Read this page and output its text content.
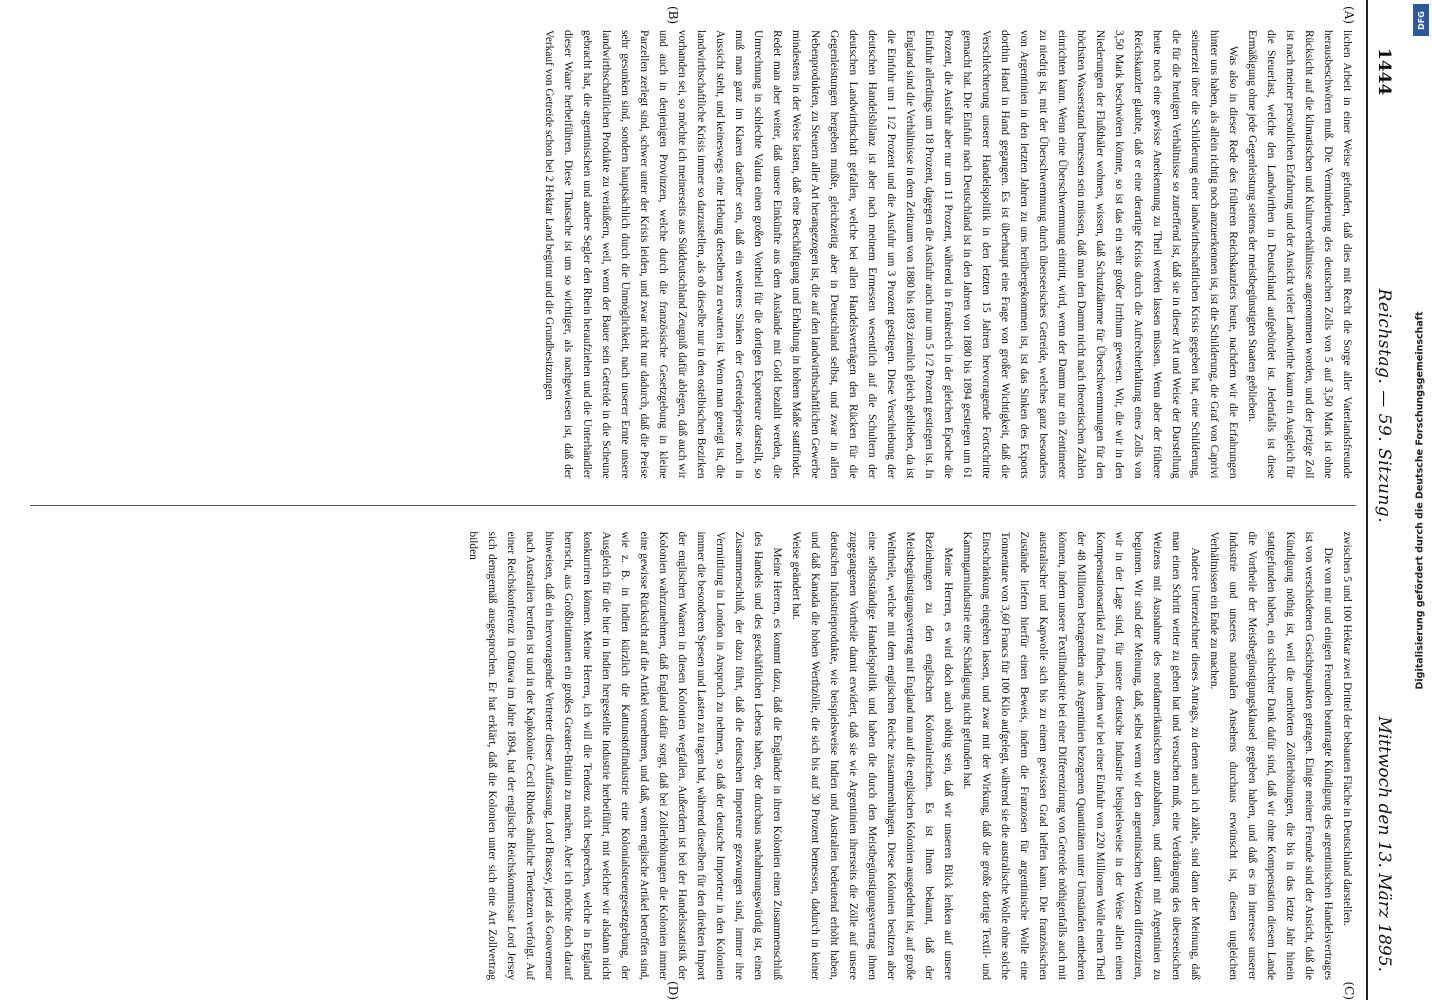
1444
Reichstag. — 59. Sitzung.
Mittwoch den 13. März 1895.

lichen Arbeit in einer Weise gefunden, daß dies mit Recht die Sorge aller Vaterlandsfreunde herausbeschwören muß. Die Verminderung des deutschen Zolls von 5 auf 3,50 Mark ist ohne Rücksicht auf die klimatischen und Kulturverhältnisse angenommen worden, und der jetzige Zoll ist nach meiner persönlichen Erfahrung und der Ansicht vieler Landwirthe kaum ein Ausgleich für die Steuerlast, welche den Landwirthen in Deutschland aufgebürdet ist. Jedenfalls ist diese Ermäßigung ohne jede Gegenleistung seitens der meistbegünstigten Staaten geblieben.

Was also in dieser Rede des früheren Reichskanzlers heute, nachdem wir die Erfahrungen hinter uns haben, als allein richtig noch anzuerkennen ist, ist die Schilderung, die Graf von Caprivi seinerzeit über die Schilderung einer landwirthschaftlichen Krisis gegeben hat, eine Schilderung, die für die heutigen Verhältnisse so zutreffend ist, daß sie in dieser Art und Weise der Darstellung heute noch eine gewisse Anerkennung zu Theil werden lassen müssen. Wenn aber der frühere Reichskanzler glaubte, daß er eine derartige Krisis durch die Aufrechterhaltung eines Zolls von 3,50 Mark beschwören könnte, so ist das ein sehr großer Irrthum gewesen. Wir, die wir in den Niederungen der Flußthäler wohnen, wissen, daß Schutzdämme für Überschwemmungen für den höchsten Wasserstand bemessen sein müssen, daß man den Damm nicht nach theoretischen Zahlen einrichten kann. Wenn eine Überschwemmung eintritt, wird, wenn der Damm nur ein Zentimeter zu niedrig ist, mit der Überschwemmung durch überseeisches Getreide, welches ganz besonders von Argentinien in den letzten Jahren zu uns herübergekommen ist, ist das Sinken des Exports dorthin Hand in Hand gegangen. Es ist überhaupt eine Frage von großer Wichtigkeit, daß die Verschlechterung unserer Handelspolitik in den letzten 15 Jahren hervorragende Fortschritte gemacht hat. Die Einfuhr nach Deutschland ist in den Jahren von 1880 bis 1894 gestiegen um 61 Prozent, die Ausfuhr aber nur um 11 Prozent, während in Frankreich in der gleichen Epoche die Einfuhr allerdings um 18 Prozent, dagegen die Ausfuhr auch nur um 5 1/2 Prozent gestiegen ist. In England sind die Verhältnisse in dem Zeitraum von 1880 bis 1893 ziemlich gleich geblieben, da ist die Einfuhr um 1 1/2 Prozent und die Ausfuhr um 3 Prozent gestiegen. Diese Verschiebung der deutschen Handelsbilanz ist aber nach meinem Ermessen wesentlich auf die Schultern der deutschen Landwirthschaft gefallen, welche bei allen Handelsverträgen den Rücken für die Gegenleistungen hergeben mußte, gleichzeitig aber in Deutschland selbst, und zwar in allen Nebenprodukten, zu Steuern aller Art herangezogen ist, die auf den landwirthschaftlichen Gewerbe mindestens in der Weise lasten, daß eine Beschäftigung und Erhaltung in hohem Maße stattfindet. Redet man aber weiter, daß unsere Einkünfte aus dem Auslande mit Gold bezahlt werden, die Umrechnung in schlechte Valuta einen großen Vortheil für die dortigen Exporteure darstellt, so muß man ganz im Klaren darüber sein, daß ein weiteres Sinken der Getreidepreise noch in Aussicht steht, und keineswegs eine Hebung derselben zu erwarten ist. Wenn man geneigt ist, die landwirthschaftliche Krisis immer so darzustellen, als ob dieselbe nur in den ostelbischen Bezirken vorhanden sei, so möchte ich meinerseits aus Süddeutschland Zeugniß dafür ablegen, daß auch wir und auch in denjenigen Provinzen, welche durch die französische Gesetzgebung in kleine Parzellen zerlegt sind, schwer unter der Krisis leiden, und zwar nicht nur dadurch, daß die Preise sehr gesunken sind, sondern hauptsächlich durch die Unmöglichkeit, nach unserer Ernte unsere landwirthschaftlichen Produkte zu veräußern, weil, wenn der Bauer sein Getreide in die Scheune gebracht hat, die argentinischen und andere Segler den Rhein heraufziehen und die Unterhändler dieser Waare herbeiführen. Diese Thatsache ist um so wichtiger, als nachgewiesen ist, daß der Verkauf von Getreide schon bei 2 Hektar Land beginnt und die Grundbesitzungen

zwischen 5 und 100 Hektar zwei Drittel der bebauten Fläche in Deutschland darstellen.

Die von mir und einigen Freunden beantragte Kündigung des argentinischen Handelsvertrages ist von verschiedenen Gesichtspunkten getragen. Einige meiner Freunde sind der Ansicht, daß die Kündigung nöthig ist, weil die unerhörten Zollerhöhungen, die bis in das letzte Jahr hinein stattgefunden haben, ein schlechter Dank dafür sind, daß wir ohne Kompensation diesem Lande die Vortheile der Meistbegünstigungsklausel gegeben haben, und daß es im Interesse unserer Industrie und unseres nationalen Ansehens durchaus erwünscht ist, diesen ungleichen Verhältnissen ein Ende zu machen.

Andere Unterzeichner dieses Antrags, zu denen auch ich zähle, sind dann der Meinung, daß man einen Schritt weiter zu gehen hat und versuchen muß, eine Verdrängung des überseeischen Weizens mit Ausnahme des nordamerikanischen anzubahnen, und damit mit Argentinien zu beginnen. Wir sind der Meinung, daß, selbst wenn wir den argentinischen Weizen differenziren, wir in der Lage sind, für unsere deutsche Industrie beispielsweise in der Weise allein einen Kompensationsartikel zu finden, indem wir bei einer Einfuhr von 220 Millionen Wolle einen Theil der 48 Millionen betragenden aus Argentinien bezogenen Quantitäten unter Umständen entbehren können, indem unsere Textilindustrie bei einer Differenzirung von Getreide nöthigenfalls auch mit australischer und Kapwolle sich bis zu einem gewissen Grad helfen kann. Die französischen Zustände liefern hierfür einen Beweis, indem die Franzosen für argentinische Wolle eine Tonnentare von 3,60 Francs für 100 Kilo aufgelegt, während sie die australische Wolle ohne solche Einschränkung eingehen lassen, und zwar mit der Wirkung, daß die große dortige Textil- und Kammgarnindustrie eine Schädigung nicht gefunden hat.

Meine Herren, es wird doch auch nöthig sein, daß wir unseren Blick lenken auf unsere Beziehungen zu den englischen Kolonialreichen. Es ist Ihnen bekannt, daß der Meistbegünstigungsvertrag mit England nun auf die englischen Kolonien ausgedehnt ist, auf große Welttheile, welche mit dem englischen Reiche zusammenhängen. Diese Kolonien besitzen aber eine selbstständige Handelspolitik und haben die durch den Meistbegünstigungsvertrag ihnen zugegangenen Vortheile damit erwidert, daß sie wie Argentinien ihrerseits die Zölle auf unsere deutschen Industrieprodukte, wie beispielsweise Indien und Australien bedeutend erhöht haben, und daß Kanada die hohen Werthzölle, die sich bis auf 30 Prozent bemessen, dadurch in keiner Weise geändert hat.

Meine Herren, es kommt dazu, daß die Engländer in ihren Kolonien einen Zusammenschluß des Handels und des geschäftlichen Lebens haben, der durchaus nachahmungswürdig ist, einen Zusammenschluß, der dazu führt, daß die deutschen Importeure gezwungen sind, immer ihre Vermittlung in London in Anspruch zu nehmen, so daß der deutsche Importeur in den Kolonien immer die besonderen Spesen und Lasten zu tragen hat, während dieselben für den direkten Import der englischen Waaren in diesen Kolonien wegfallen. Außerdem ist bei der Handelsstatistik der Kolonien wahrzunehmen, daß England dafür sorgt, daß bei Zollerhöhungen die Kolonien immer eine gewisse Rücksicht auf die Artikel vornehmen, und daß, wenn englische Artikel betroffen sind, wie z. B. in Indien kürzlich die Kattunstoffindustrie eine Kolonialsteuergesetzgebung, der Ausgleich für die hier in Indien hergestellte Industrie herbeiführt, mit welcher wir alsdann nicht konkurriren können. Meine Herren, ich will die Tendenz nicht besprechen, welche in England herrscht, aus Großbritannien ein großes Greater-Britain zu machen. Aber ich möchte doch darauf hinweisen, daß ein hervorragender Vertreter dieser Auffassung, Lord Brassey, jetzt als Gouverneur nach Australien berufen ist und in der Kapkolonie Cecil Rhodes ähnliche Tendenzen verfolgt. Auf einer Reichskonferenz in Ottawa im Jahre 1894, hat der englische Reichskommissar Lord Jersey sich demgemäß ausgesprochen. Er hat erklärt, daß die Kolonien unter sich eine Art Zollvertrag bilden

(A)
(B)
(C)
(D)
Digitalisierung gefördert durch die Deutsche Forschungsgemeinschaft
DFG
